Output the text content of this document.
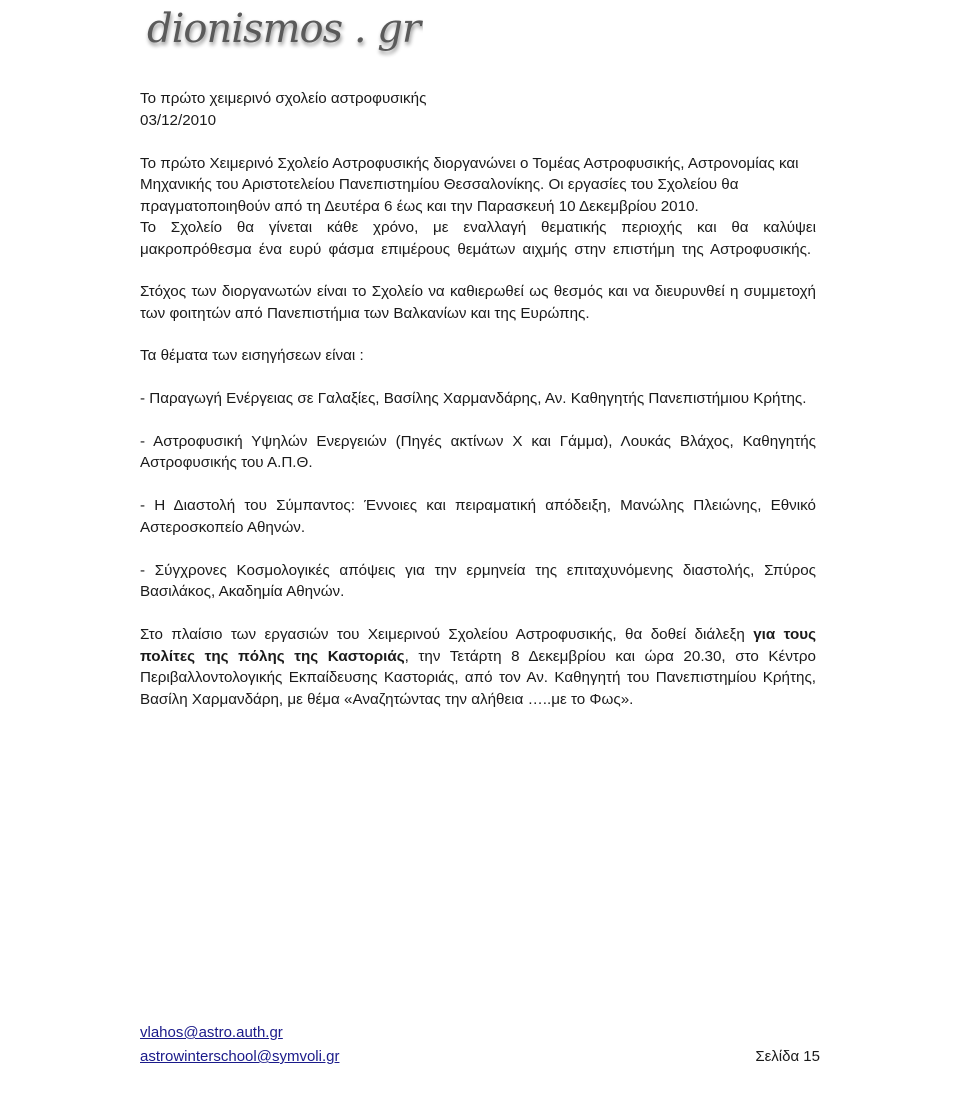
dionismos . gr

Το πρώτο χειμερινό σχολείο αστροφυσικής

03/12/2010

Το πρώτο Χειμερινό Σχολείο Αστροφυσικής διοργανώνει ο Τομέας Αστροφυσικής, Αστρονομίας και Μηχανικής του Αριστοτελείου Πανεπιστημίου Θεσσαλονίκης. Οι εργασίες του Σχολείου θα πραγματοποιηθούν από τη Δευτέρα 6 έως και την Παρασκευή 10 Δεκεμβρίου 2010.

Το Σχολείο θα γίνεται κάθε χρόνο, με εναλλαγή θεματικής περιοχής και θα καλύψει μακροπρόθεσμα ένα ευρύ φάσμα επιμέρους θεμάτων αιχμής στην επιστήμη της Αστροφυσικής.

Στόχος των διοργανωτών είναι το Σχολείο να καθιερωθεί ως θεσμός και να διευρυνθεί η συμμετοχή των φοιτητών από Πανεπιστήμια των Βαλκανίων και της Ευρώπης.

Τα θέματα των εισηγήσεων είναι :

- Παραγωγή Ενέργειας σε Γαλαξίες, Βασίλης Χαρμανδάρης, Αν. Καθηγητής Πανεπιστήμιου Κρήτης.

- Αστροφυσική Υψηλών Ενεργειών (Πηγές ακτίνων Χ και Γάμμα), Λουκάς Βλάχος, Καθηγητής Αστροφυσικής του Α.Π.Θ.

- Η Διαστολή του Σύμπαντος: Έννοιες και πειραματική απόδειξη, Μανώλης Πλειώνης, Εθνικό Αστεροσκοπείο Αθηνών.

- Σύγχρονες Κοσμολογικές απόψεις για την ερμηνεία της επιταχυνόμενης διαστολής, Σπύρος Βασιλάκος, Ακαδημία Αθηνών.

Στο πλαίσιο των εργασιών του Χειμερινού Σχολείου Αστροφυσικής, θα δοθεί διάλεξη για τους πολίτες της πόλης της Καστοριάς, την Τετάρτη 8 Δεκεμβρίου και ώρα 20.30, στο Κέντρο Περιβαλλοντολογικής Εκπαίδευσης Καστοριάς, από τον Αν. Καθηγητή του Πανεπιστημίου Κρήτης, Βασίλη Χαρμανδάρη, με θέμα «Αναζητώντας την αλήθεια …..με το Φως».

vlahos@astro.auth.gr
astrowinterschool@symvoli.gr	Σελίδα 15
